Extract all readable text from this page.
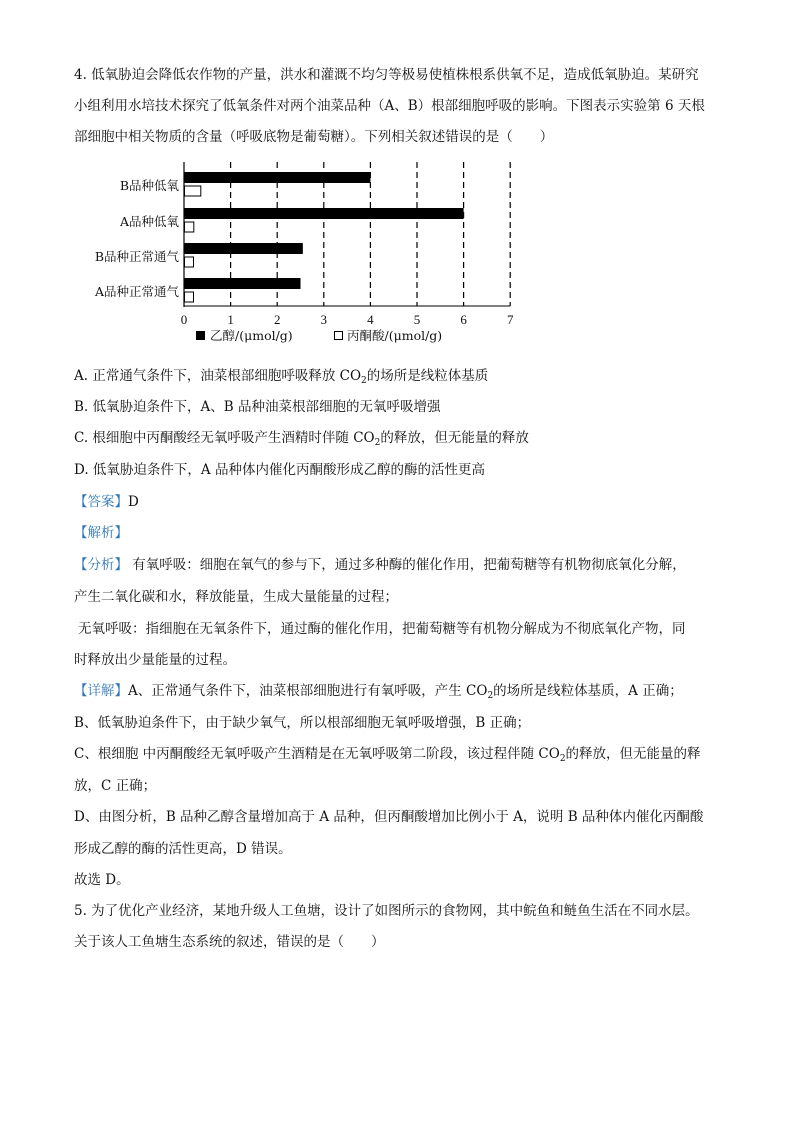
4. 低氧胁迫会降低农作物的产量，洪水和灌溉不均匀等极易使植株根系供氧不足，造成低氧胁迫。某研究
小组利用水培技术探究了低氧条件对两个油菜品种（A、B）根部细胞呼吸的影响。下图表示实验第 6 天根
部细胞中相关物质的含量（呼吸底物是葡萄糖）。下列相关叙述错误的是（　　）
B品种低氧
A品种低氧
B品种正常通气
A品种正常通气
0	1	2	3	4	5	6	7
乙醇/(μmol/g)	丙酮酸/(μmol/g)
A. 正常通气条件下，油菜根部细胞呼吸释放 $CO_2$的场所是线粒体基质
B. 低氧胁迫条件下，A、B 品种油菜根部细胞的无氧呼吸增强
C. 根细胞中丙酮酸经无氧呼吸产生酒精时伴随 $CO_2$的释放，但无能量的释放
D. 低氧胁迫条件下，A 品种体内催化丙酮酸形成乙醇的酶的活性更高
【答案】D
【解析】
【分析】 有氧呼吸：细胞在氧气的参与下，通过多种酶的催化作用，把葡萄糖等有机物彻底氧化分解，
产生二氧化碳和水，释放能量，生成大量能量的过程；
无氧呼吸：指细胞在无氧条件下，通过酶的催化作用，把葡萄糖等有机物分解成为不彻底氧化产物，同
时释放出少量能量的过程。
【详解】A、正常通气条件下，油菜根部细胞进行有氧呼吸，产生 $CO_2$的场所是线粒体基质，A 正确；
B、低氧胁迫条件下，由于缺少氧气，所以根部细胞无氧呼吸增强，B 正确；
C、根细胞 中丙酮酸经无氧呼吸产生酒精是在无氧呼吸第二阶段，该过程伴随 $CO_2$的释放，但无能量的释
放，C 正确；
D、由图分析，B 品种乙醇含量增加高于 A 品种，但丙酮酸增加比例小于 A，说明 B 品种体内催化丙酮酸
形成乙醇的酶的活性更高，D 错误。
故选 D。
5. 为了优化产业经济，某地升级人工鱼塘，设计了如图所示的食物网，其中鲩鱼和鲢鱼生活在不同水层。
关于该人工鱼塘生态系统的叙述，错误的是（　　）
